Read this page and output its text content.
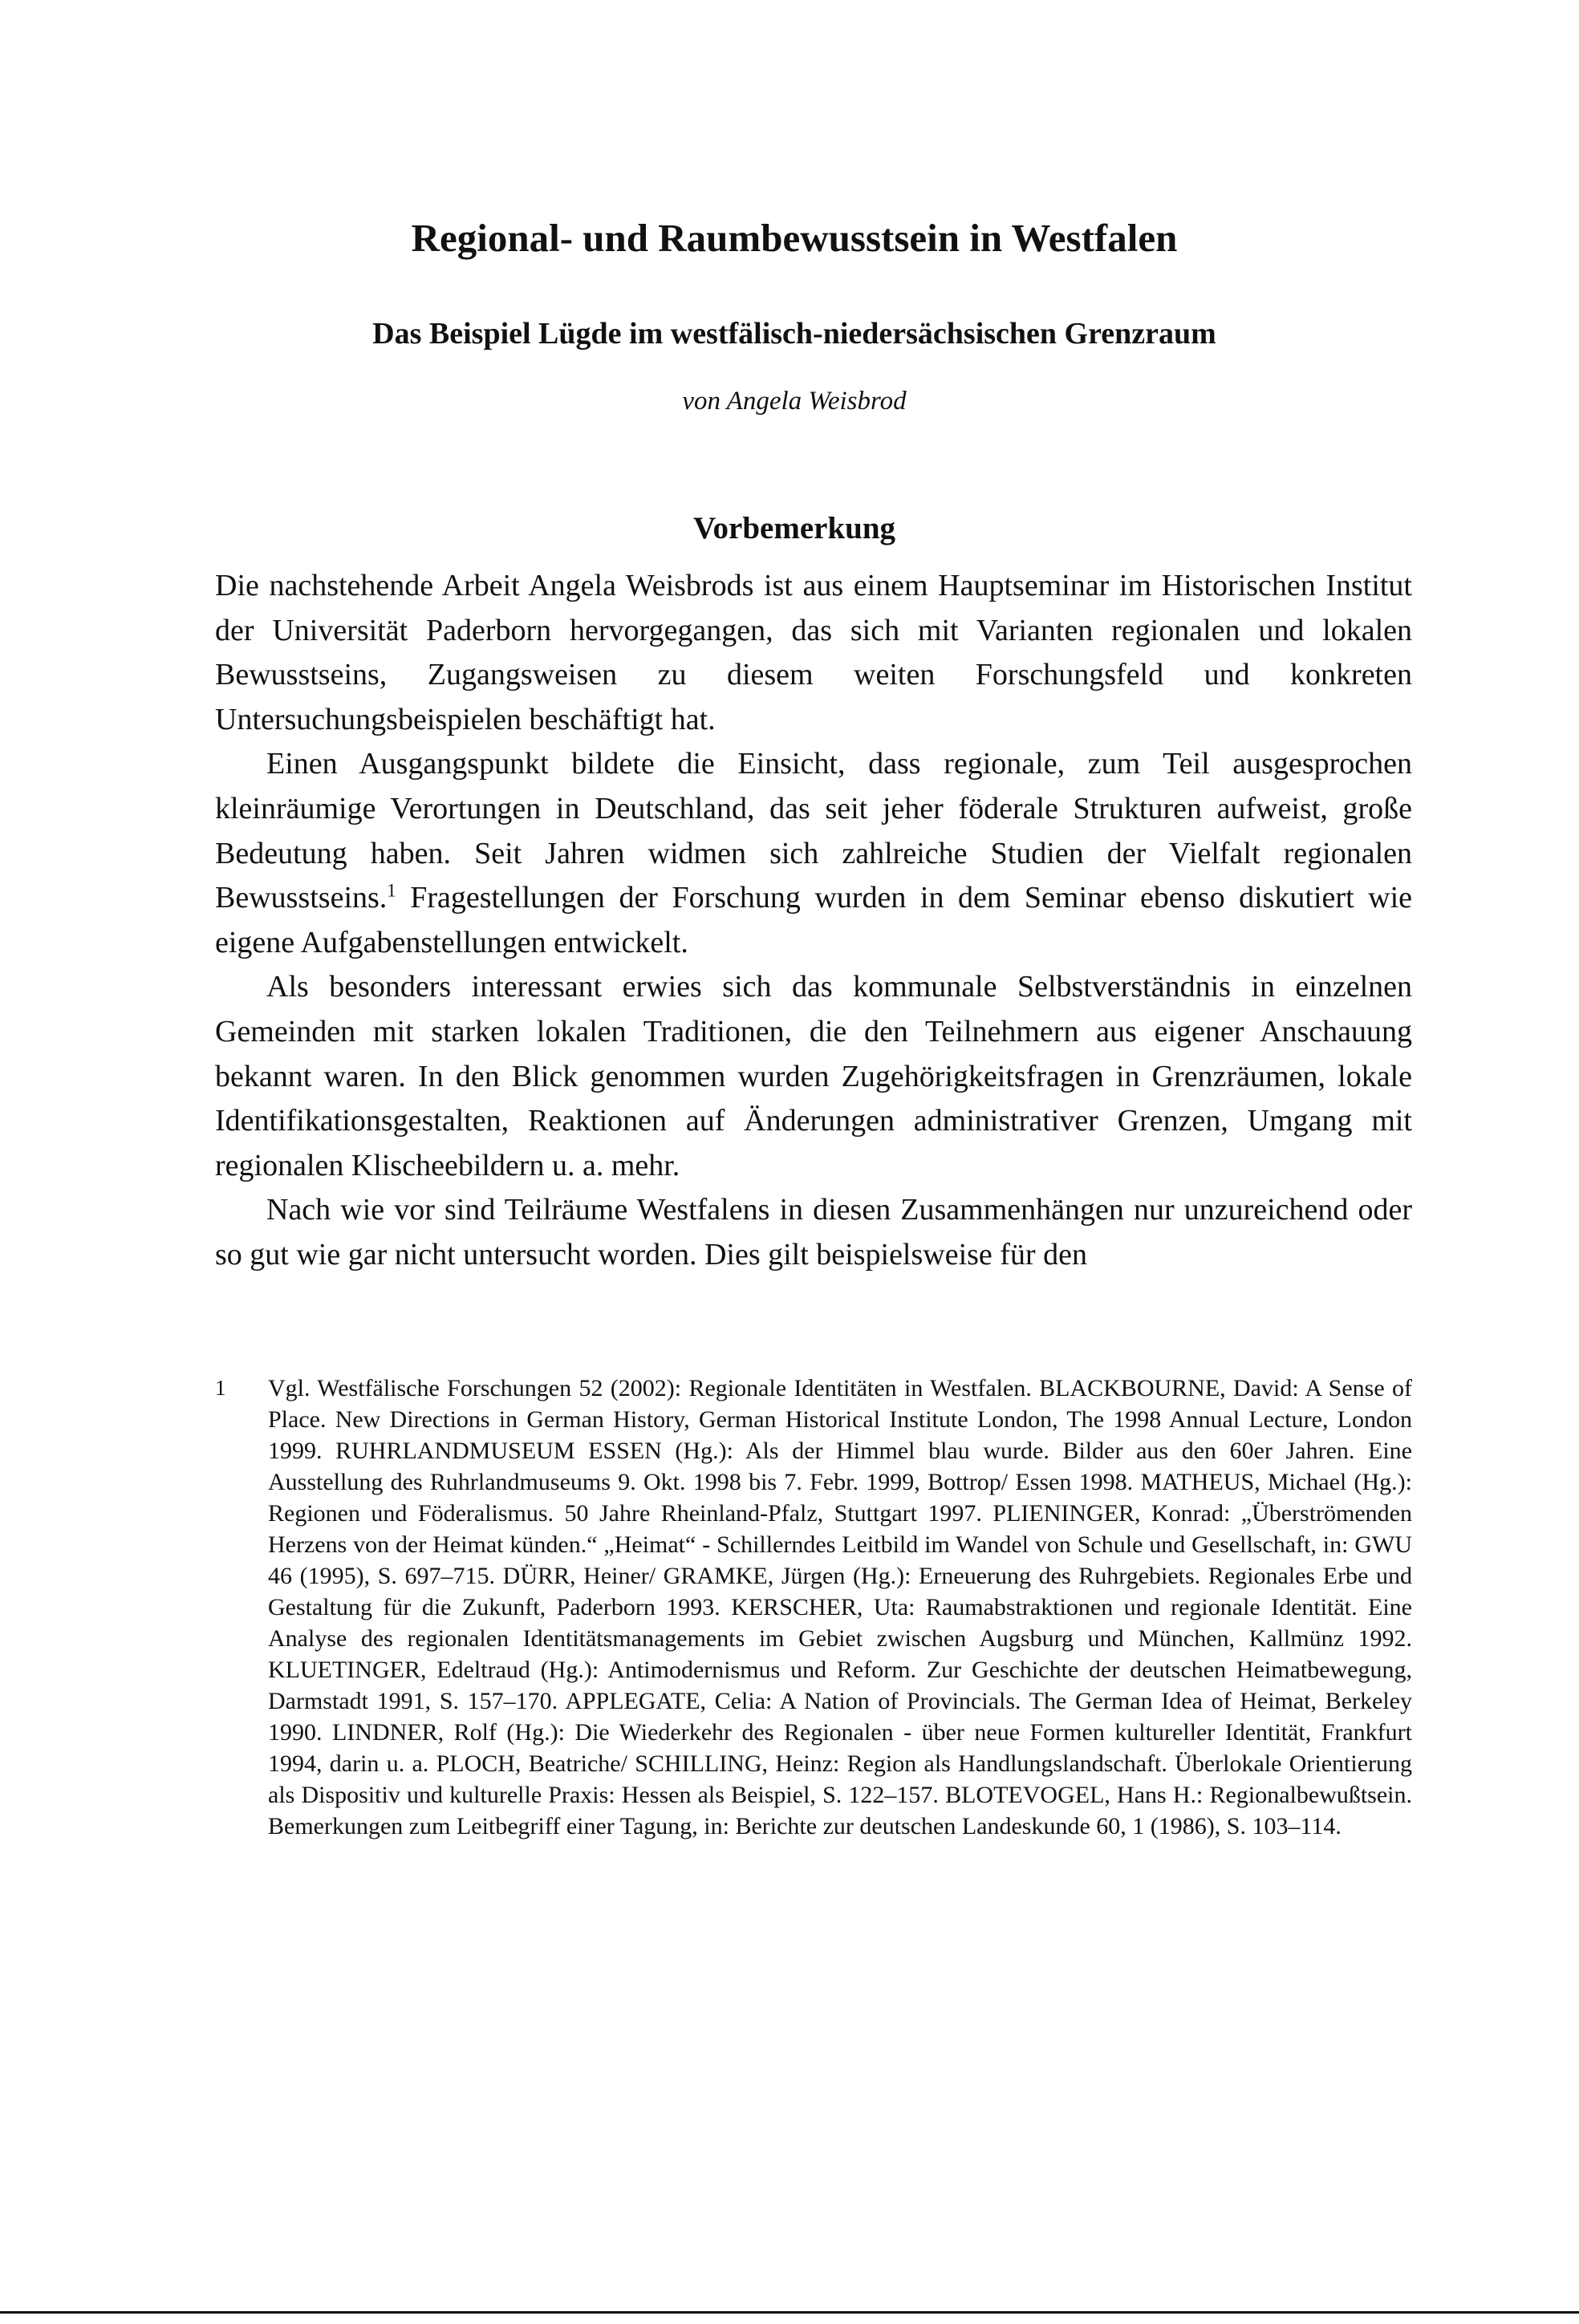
Regional- und Raumbewusstsein in Westfalen
Das Beispiel Lügde im westfälisch-niedersächsischen Grenzraum

von Angela Weisbrod

Vorbemerkung

Die nachstehende Arbeit Angela Weisbrods ist aus einem Hauptseminar im Historischen Institut der Universität Paderborn hervorgegangen, das sich mit Varianten regionalen und lokalen Bewusstseins, Zugangsweisen zu diesem weiten Forschungsfeld und konkreten Untersuchungsbeispielen beschäftigt hat.

Einen Ausgangspunkt bildete die Einsicht, dass regionale, zum Teil ausgesprochen kleinräumige Verortungen in Deutschland, das seit jeher föderale Strukturen aufweist, große Bedeutung haben. Seit Jahren widmen sich zahlreiche Studien der Vielfalt regionalen Bewusstseins.$^1$ Fragestellungen der Forschung wurden in dem Seminar ebenso diskutiert wie eigene Aufgabenstellungen entwickelt.

Als besonders interessant erwies sich das kommunale Selbstverständnis in einzelnen Gemeinden mit starken lokalen Traditionen, die den Teilnehmern aus eigener Anschauung bekannt waren. In den Blick genommen wurden Zugehörigkeitsfragen in Grenzräumen, lokale Identifikationsgestalten, Reaktionen auf Änderungen administrativer Grenzen, Umgang mit regionalen Klischeebildern u. a. mehr.

Nach wie vor sind Teilräume Westfalens in diesen Zusammenhängen nur unzureichend oder so gut wie gar nicht untersucht worden. Dies gilt beispielsweise für den

1	Vgl. Westfälische Forschungen 52 (2002): Regionale Identitäten in Westfalen. BLACKBOURNE, David: A Sense of Place. New Directions in German History, German Historical Institute London, The 1998 Annual Lecture, London 1999. RUHRLANDMUSEUM ESSEN (Hg.): Als der Himmel blau wurde. Bilder aus den 60er Jahren. Eine Ausstellung des Ruhrlandmuseums 9. Okt. 1998 bis 7. Febr. 1999, Bottrop/ Essen 1998. MATHEUS, Michael (Hg.): Regionen und Föderalismus. 50 Jahre Rheinland-Pfalz, Stuttgart 1997. PLIENINGER, Konrad: „Überströmenden Herzens von der Heimat künden.“ „Heimat“ - Schillerndes Leitbild im Wandel von Schule und Gesellschaft, in: GWU 46 (1995), S. 697–715. DÜRR, Heiner/ GRAMKE, Jürgen (Hg.): Erneuerung des Ruhrgebiets. Regionales Erbe und Gestaltung für die Zukunft, Paderborn 1993. KERSCHER, Uta: Raumabstraktionen und regionale Identität. Eine Analyse des regionalen Identitätsmanagements im Gebiet zwischen Augsburg und München, Kallmünz 1992. KLUETINGER, Edeltraud (Hg.): Antimodernismus und Reform. Zur Geschichte der deutschen Heimatbewegung, Darmstadt 1991, S. 157–170. APPLEGATE, Celia: A Nation of Provincials. The German Idea of Heimat, Berkeley 1990. LINDNER, Rolf (Hg.): Die Wiederkehr des Regionalen - über neue Formen kultureller Identität, Frankfurt 1994, darin u. a. PLOCH, Beatriche/ SCHILLING, Heinz: Region als Handlungslandschaft. Überlokale Orientierung als Dispositiv und kulturelle Praxis: Hessen als Beispiel, S. 122–157. BLOTEVOGEL, Hans H.: Regionalbewußtsein. Bemerkungen zum Leitbegriff einer Tagung, in: Berichte zur deutschen Landeskunde 60, 1 (1986), S. 103–114.
